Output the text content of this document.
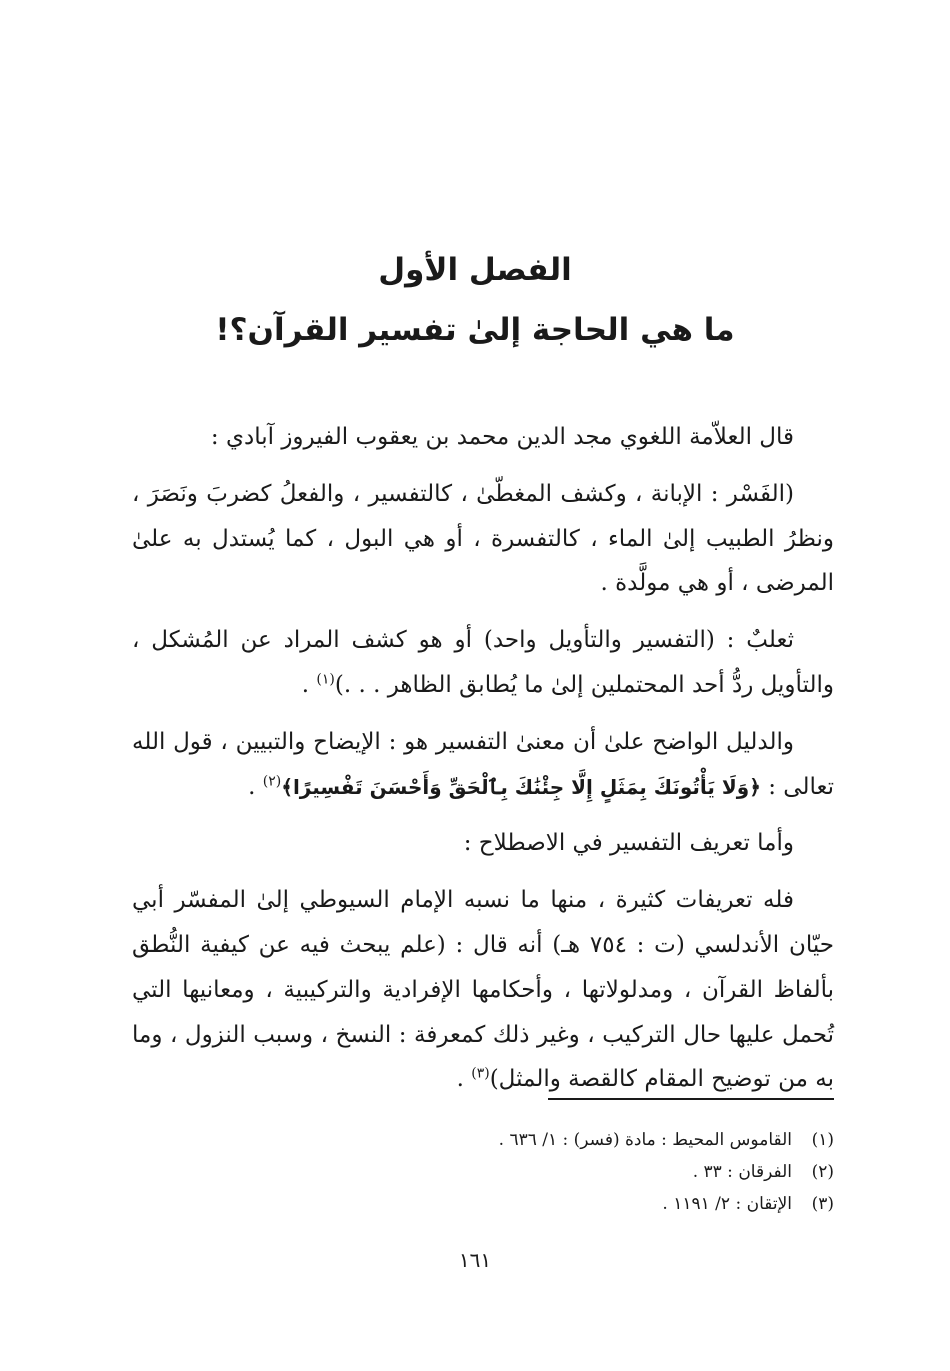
الفصل الأول
ما هي الحاجة إلىٰ تفسير القرآن؟!

قال العلاّمة اللغوي مجد الدين محمد بن يعقوب الفيروز آبادي :

(الفَسْر : الإبانة ، وكشف المغطّىٰ ، كالتفسير ، والفعلُ كضربَ ونَصَرَ ، ونظرُ الطبيب إلىٰ الماء ، كالتفسرة ، أو هي البول ، كما يُستدل به علىٰ المرضى ، أو هي مولَّدة .

ثعلبٌ : (التفسير والتأويل واحد) أو هو كشف المراد عن المُشكل ، والتأويل ردُّ أحد المحتملين إلىٰ ما يُطابق الظاهر . . .)$^{(١)}$ .

والدليل الواضح علىٰ أن معنىٰ التفسير هو : الإيضاح والتبيين ، قول الله تعالى : ﴿وَلَا يَأْتُونَكَ بِمَثَلٍ إِلَّا جِئْنَٰكَ بِٱلْحَقِّ وَأَحْسَنَ تَفْسِيرًا﴾$^{(٢)}$ .

وأما تعريف التفسير في الاصطلاح :

فله تعريفات كثيرة ، منها ما نسبه الإمام السيوطي إلىٰ المفسّر أبي حيّان الأندلسي (ت : ٧٥٤ هـ) أنه قال : (علم يبحث فيه عن كيفية النُّطق بألفاظ القرآن ، ومدلولاتها ، وأحكامها الإفرادية والتركيبية ، ومعانيها التي تُحمل عليها حال التركيب ، وغير ذلك كمعرفة : النسخ ، وسبب النزول ، وما به من توضيح المقام كالقصة والمثل)$^{(٣)}$ .

(١)القاموس المحيط : مادة (فسر) : ١/ ٦٣٦ .
(٢)الفرقان : ٣٣ .
(٣)الإتقان : ٢/ ١١٩١ .
١٦١
